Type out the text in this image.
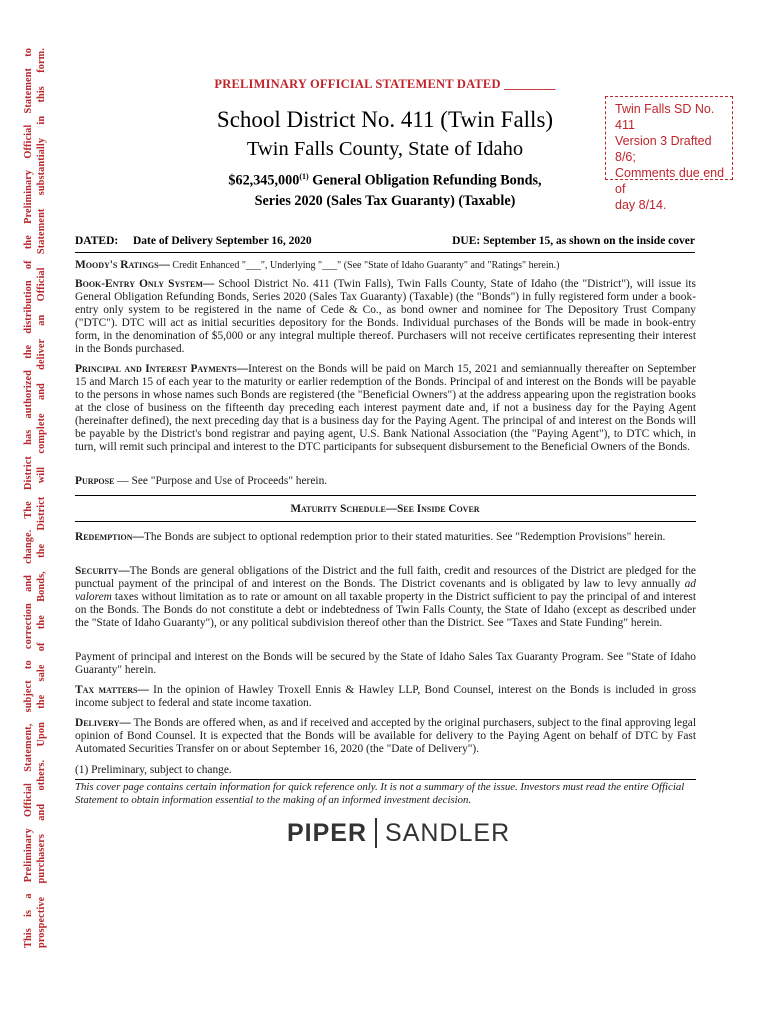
This is a Preliminary Official Statement, subject to correction and change. The District has authorized the distribution of the Preliminary Official Statement to prospective purchasers and others. Upon the sale of the Bonds, the District will complete and deliver an Official Statement substantially in this form.	PRELIMINARY OFFICIAL STATEMENT DATED ________
School District No. 411 (Twin Falls)
Twin Falls County, State of Idaho
$62,345,000$^{(1)}$ General Obligation Refunding Bonds,
Series 2020 (Sales Tax Guaranty) (Taxable)
Twin Falls SD No. 411
Version 3 Drafted 8/6;
Comments due end of
day 8/14.
DATED: Date of Delivery September 16, 2020	DUE: September 15, as shown on the inside cover
Moody's Ratings— Credit Enhanced "___", Underlying "___" (See "State of Idaho Guaranty" and "Ratings" herein.)
Book-Entry Only System— School District No. 411 (Twin Falls), Twin Falls County, State of Idaho (the "District"), will issue its General Obligation Refunding Bonds, Series 2020 (Sales Tax Guaranty) (Taxable) (the "Bonds") in fully registered form under a book-entry only system to be registered in the name of Cede & Co., as bond owner and nominee for The Depository Trust Company ("DTC"). DTC will act as initial securities depository for the Bonds. Individual purchases of the Bonds will be made in book-entry form, in the denomination of $5,000 or any integral multiple thereof. Purchasers will not receive certificates representing their interest in the Bonds purchased.
Principal and Interest Payments—Interest on the Bonds will be paid on March 15, 2021 and semiannually thereafter on September 15 and March 15 of each year to the maturity or earlier redemption of the Bonds. Principal of and interest on the Bonds will be payable to the persons in whose names such Bonds are registered (the "Beneficial Owners") at the address appearing upon the registration books at the close of business on the fifteenth day preceding each interest payment date and, if not a business day for the Paying Agent (hereinafter defined), the next preceding day that is a business day for the Paying Agent. The principal of and interest on the Bonds will be payable by the District's bond registrar and paying agent, U.S. Bank National Association (the "Paying Agent"), to DTC which, in turn, will remit such principal and interest to the DTC participants for subsequent disbursement to the Beneficial Owners of the Bonds.
Purpose — See "Purpose and Use of Proceeds" herein.
Maturity Schedule—See Inside Cover
Redemption—The Bonds are subject to optional redemption prior to their stated maturities. See "Redemption Provisions" herein.
Security—The Bonds are general obligations of the District and the full faith, credit and resources of the District are pledged for the punctual payment of the principal of and interest on the Bonds. The District covenants and is obligated by law to levy annually ad valorem taxes without limitation as to rate or amount on all taxable property in the District sufficient to pay the principal of and interest on the Bonds. The Bonds do not constitute a debt or indebtedness of Twin Falls County, the State of Idaho (except as described under the "State of Idaho Guaranty"), or any political subdivision thereof other than the District. See "Taxes and State Funding" herein.
Payment of principal and interest on the Bonds will be secured by the State of Idaho Sales Tax Guaranty Program. See "State of Idaho Guaranty" herein.
Tax matters— In the opinion of Hawley Troxell Ennis & Hawley LLP, Bond Counsel, interest on the Bonds is included in gross income subject to federal and state income taxation.
Delivery— The Bonds are offered when, as and if received and accepted by the original purchasers, subject to the final approving legal opinion of Bond Counsel. It is expected that the Bonds will be available for delivery to the Paying Agent on behalf of DTC by Fast Automated Securities Transfer on or about September 16, 2020 (the "Date of Delivery").
(1) Preliminary, subject to change.
This cover page contains certain information for quick reference only. It is not a summary of the issue. Investors must read the entire Official Statement to obtain information essential to the making of an informed investment decision.
PIPER SANDLER
